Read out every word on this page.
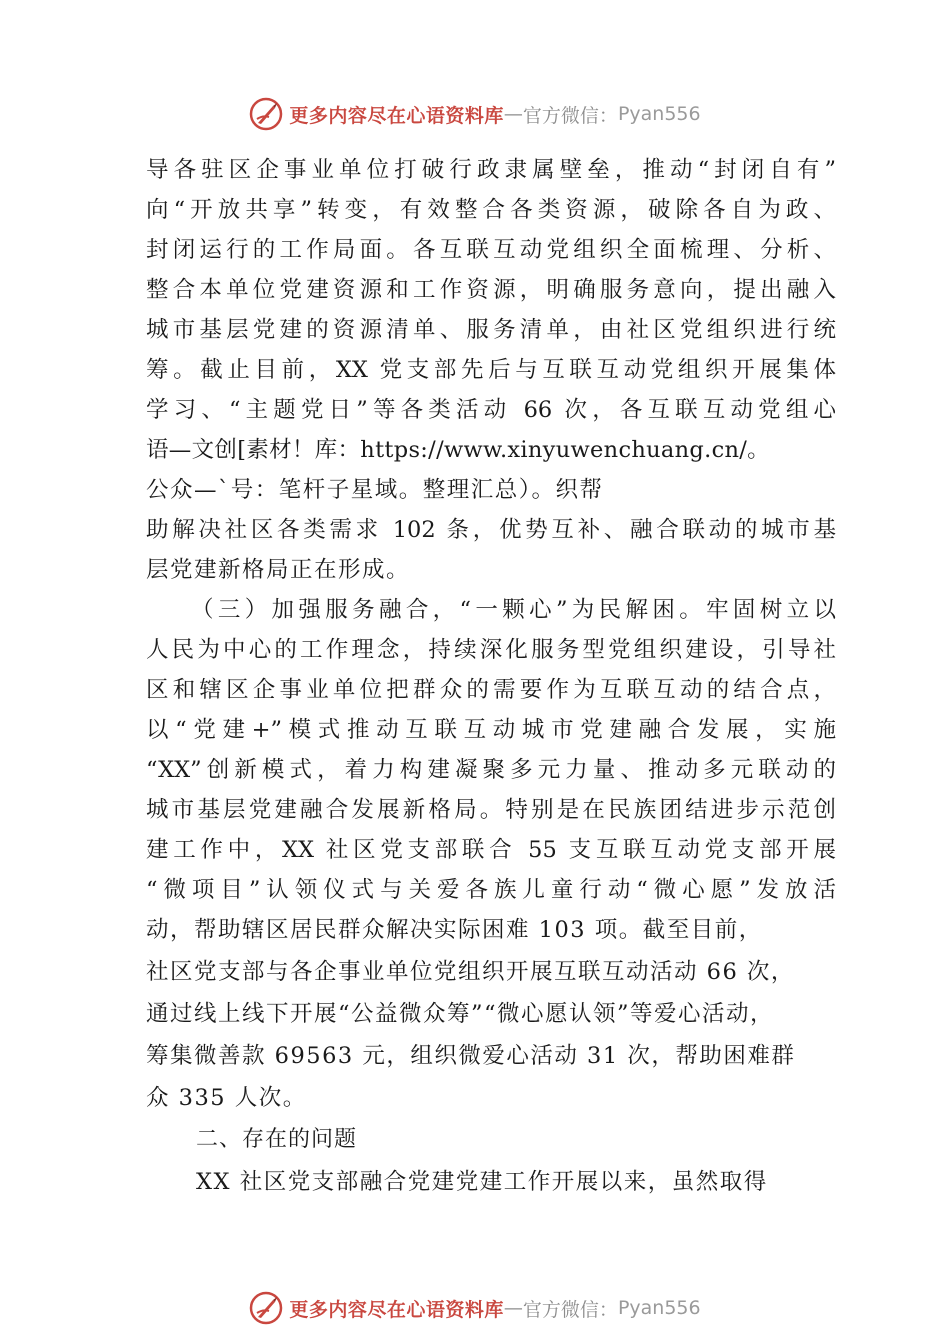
更多内容尽在心语资料库 — 官方微信： Pyan556
导各驻区企事业单位打破行政隶属壁垒，推动“封闭自有”
向“开放共享”转变，有效整合各类资源，破除各自为政、
封闭运行的工作局面。各互联互动党组织全面梳理、分析、
整合本单位党建资源和工作资源，明确服务意向，提出融入
城市基层党建的资源清单、服务清单，由社区党组织进行统
筹。截止目前，XX 党支部先后与互联互动党组织开展集体
学习、“主题党日”等各类活动 66 次，各互联互动党组心
语—文创[素材！库：https://www.xinyuwenchuang.cn/。
公众—`号：笔杆子星域。整理汇总）。织帮
助解决社区各类需求 102 条，优势互补、融合联动的城市基
层党建新格局正在形成。
（三）加强服务融合，“一颗心”为民解困。牢固树立以
人民为中心的工作理念，持续深化服务型党组织建设，引导社
区和辖区企事业单位把群众的需要作为互联互动的结合点，
以“党建+”模式推动互联互动城市党建融合发展，实施
“XX”创新模式，着力构建凝聚多元力量、推动多元联动的
城市基层党建融合发展新格局。特别是在民族团结进步示范创
建工作中，XX 社区党支部联合 55 支互联互动党支部开展
“微项目”认领仪式与关爱各族儿童行动“微心愿”发放活
动，帮助辖区居民群众解决实际困难 103 项。截至目前，
社区党支部与各企事业单位党组织开展互联互动活动 66 次，
通过线上线下开展“公益微众筹”“微心愿认领”等爱心活动，
筹集微善款 69563 元，组织微爱心活动 31 次，帮助困难群
众 335 人次。
二、存在的问题
XX 社区党支部融合党建党建工作开展以来，虽然取得
更多内容尽在心语资料库 — 官方微信： Pyan556
